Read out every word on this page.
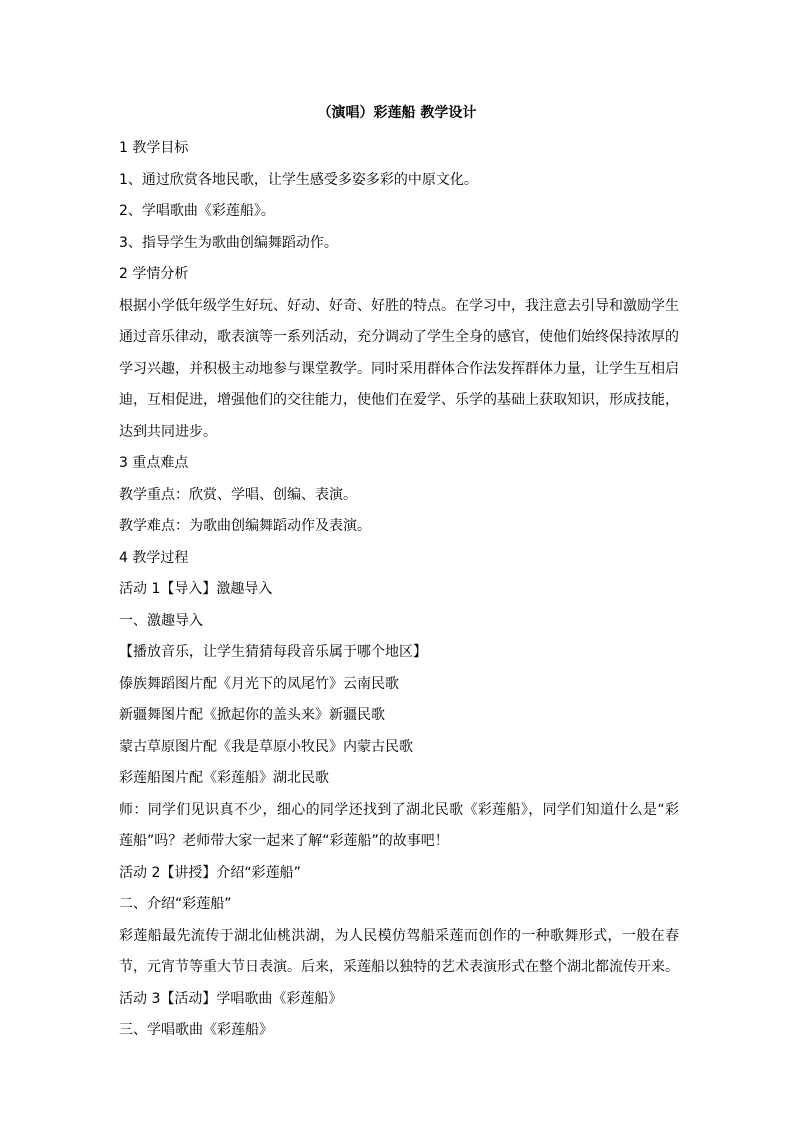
（演唱）彩莲船 教学设计

1 教学目标

1、通过欣赏各地民歌，让学生感受多姿多彩的中原文化。

2、学唱歌曲《彩莲船》。

3、指导学生为歌曲创编舞蹈动作。

2 学情分析

根据小学低年级学生好玩、好动、好奇、好胜的特点。在学习中，我注意去引导和激励学生通过音乐律动，歌表演等一系列活动，充分调动了学生全身的感官，使他们始终保持浓厚的学习兴趣，并积极主动地参与课堂教学。同时采用群体合作法发挥群体力量，让学生互相启迪，互相促进，增强他们的交往能力，使他们在爱学、乐学的基础上获取知识，形成技能，达到共同进步。

3 重点难点

教学重点：欣赏、学唱、创编、表演。

教学难点：为歌曲创编舞蹈动作及表演。

4 教学过程

活动 1【导入】激趣导入

一、激趣导入

【播放音乐，让学生猜猜每段音乐属于哪个地区】

傣族舞蹈图片配《月光下的凤尾竹》云南民歌

新疆舞图片配《掀起你的盖头来》新疆民歌

蒙古草原图片配《我是草原小牧民》内蒙古民歌

彩莲船图片配《彩莲船》湖北民歌

师：同学们见识真不少，细心的同学还找到了湖北民歌《彩莲船》，同学们知道什么是“彩莲船”吗？老师带大家一起来了解“彩莲船”的故事吧！

活动 2【讲授】介绍“彩莲船”

二、介绍“彩莲船”

彩莲船最先流传于湖北仙桃洪湖，为人民模仿驾船采莲而创作的一种歌舞形式，一般在春节，元宵节等重大节日表演。后来，采莲船以独特的艺术表演形式在整个湖北都流传开来。

活动 3【活动】学唱歌曲《彩莲船》

三、学唱歌曲《彩莲船》
